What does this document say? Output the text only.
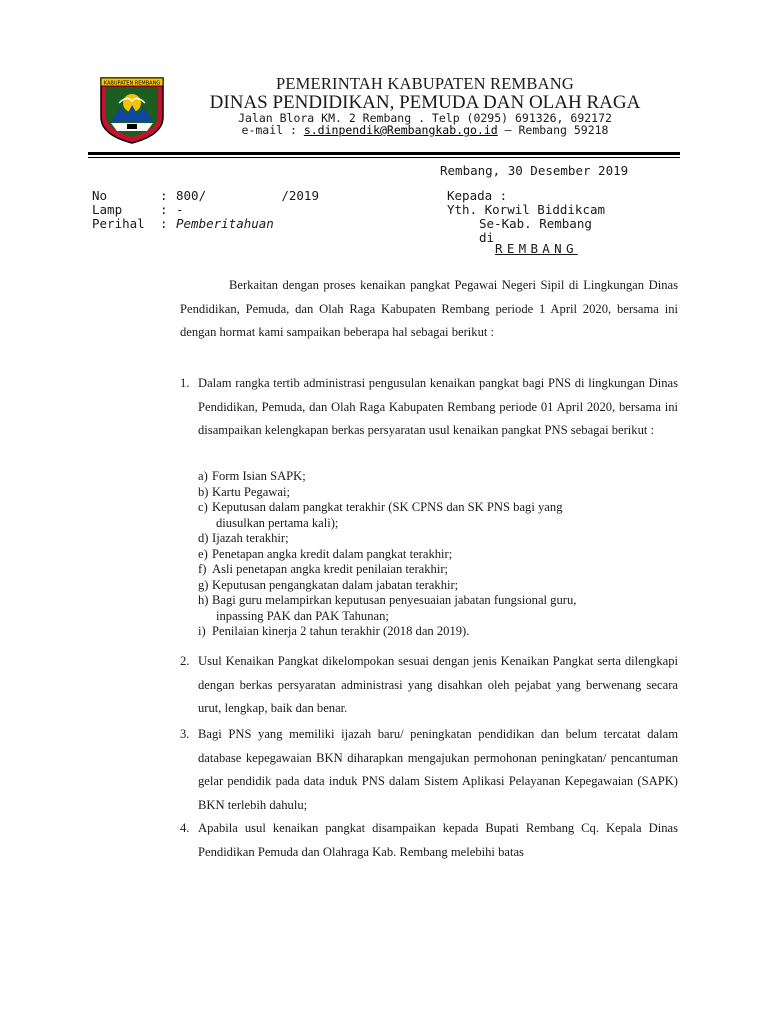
KABUPATEN REMBANG	PEMERINTAH KABUPATEN REMBANG
DINAS PENDIDIKAN, PEMUDA DAN OLAH RAGA
Jalan Blora KM. 2 Rembang . Telp (0295) 691326, 692172
e-mail : s.dinpendik@Rembangkab.go.id – Rembang 59218
Rembang, 30 Desember 2019
No	: 800/          /2019
Lamp	: -
Perihal : Pemberitahuan
Kepada :
Yth. Korwil Biddikcam
Se-Kab. Rembang
di
REMBANG
Berkaitan dengan proses kenaikan pangkat Pegawai Negeri Sipil di Lingkungan Dinas Pendidikan, Pemuda, dan Olah Raga Kabupaten Rembang periode 1 April 2020, bersama ini dengan hormat kami sampaikan beberapa hal sebagai berikut :
1. Dalam rangka tertib administrasi pengusulan kenaikan pangkat bagi PNS di lingkungan Dinas Pendidikan, Pemuda, dan Olah Raga Kabupaten Rembang periode 01 April 2020, bersama ini disampaikan kelengkapan berkas persyaratan usul kenaikan pangkat PNS sebagai berikut :
a) Form Isian SAPK;
b) Kartu Pegawai;
c) Keputusan dalam pangkat terakhir (SK CPNS dan SK PNS bagi yang
diusulkan pertama kali);
d) Ijazah terakhir;
e) Penetapan angka kredit dalam pangkat terakhir;
f) Asli penetapan angka kredit penilaian terakhir;
g) Keputusan pengangkatan dalam jabatan terakhir;
h) Bagi guru melampirkan keputusan penyesuaian jabatan fungsional guru,
inpassing PAK dan PAK Tahunan;
i) Penilaian kinerja 2 tahun terakhir (2018 dan 2019).
2. Usul Kenaikan Pangkat dikelompokan sesuai dengan jenis Kenaikan Pangkat serta dilengkapi dengan berkas persyaratan administrasi yang disahkan oleh pejabat yang berwenang secara urut, lengkap, baik dan benar.
3. Bagi PNS yang memiliki ijazah baru/ peningkatan pendidikan dan belum tercatat dalam database kepegawaian BKN diharapkan mengajukan permohonan peningkatan/ pencantuman gelar pendidik pada data induk PNS dalam Sistem Aplikasi Pelayanan Kepegawaian (SAPK) BKN terlebih dahulu;
4. Apabila usul kenaikan pangkat disampaikan kepada Bupati Rembang Cq. Kepala Dinas Pendidikan Pemuda dan Olahraga Kab. Rembang melebihi batas
